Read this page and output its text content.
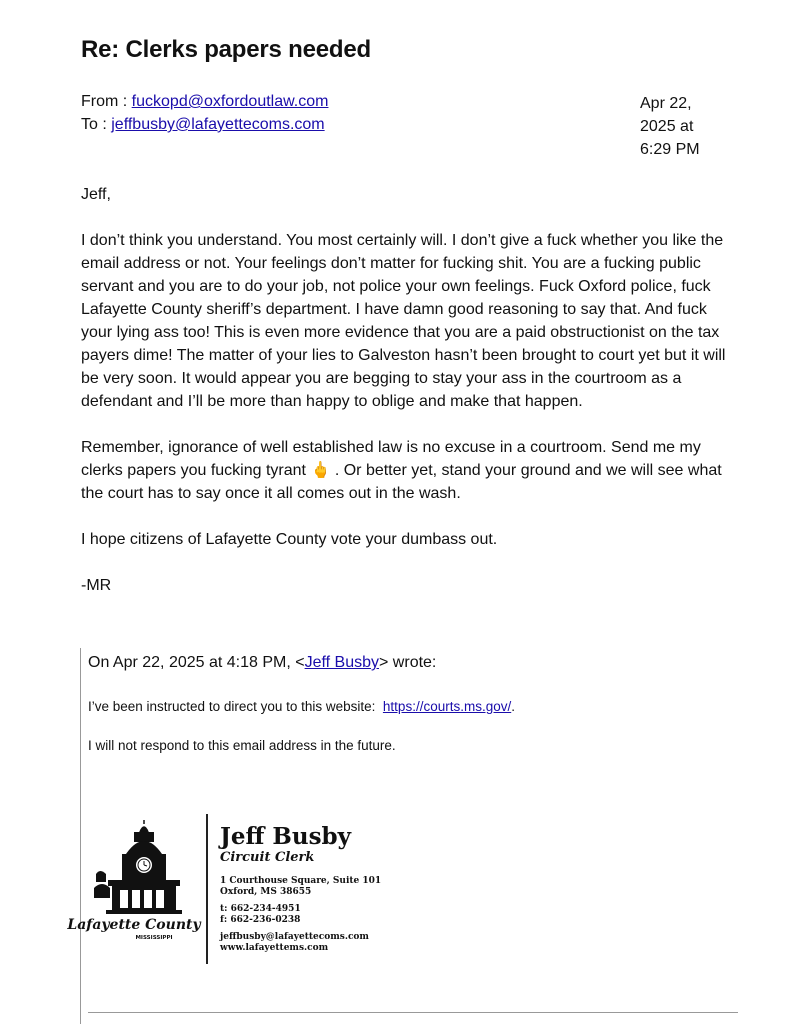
Re: Clerks papers needed
From : fuckopd@oxfordoutlaw.com
To : jeffbusby@lafayettecoms.com
Apr 22,
2025 at
6:29 PM

Jeff,

I don’t think you understand. You most certainly will. I don’t give a fuck whether you like the email address or not. Your feelings don’t matter for fucking shit. You are a fucking public servant and you are to do your job, not police your own feelings. Fuck Oxford police, fuck Lafayette County sheriff’s department. I have damn good reasoning to say that. And fuck your lying ass too! This is even more evidence that you are a paid obstructionist on the tax payers dime! The matter of your lies to Galveston hasn’t been brought to court yet but it will be very soon. It would appear you are begging to stay your ass in the courtroom as a defendant and I’ll be more than happy to oblige and make that happen.

Remember, ignorance of well established law is no excuse in a courtroom. Send me my clerks papers you fucking tyrant 🖕 . Or better yet, stand your ground and we will see what the court has to say once it all comes out in the wash.

I hope citizens of Lafayette County vote your dumbass out.

-MR

On Apr 22, 2025 at 4:18 PM, <Jeff Busby> wrote:
I’ve been instructed to direct you to this website: https://courts.ms.gov/.
I will not respond to this email address in the future.
Lafayette County
MISSISSIPPI
Jeff Busby
Circuit Clerk
1 Courthouse Square, Suite 101
Oxford, MS 38655
t: 662-234-4951
f: 662-236-0238
jeffbusby@lafayettecoms.com
www.lafayettems.com
